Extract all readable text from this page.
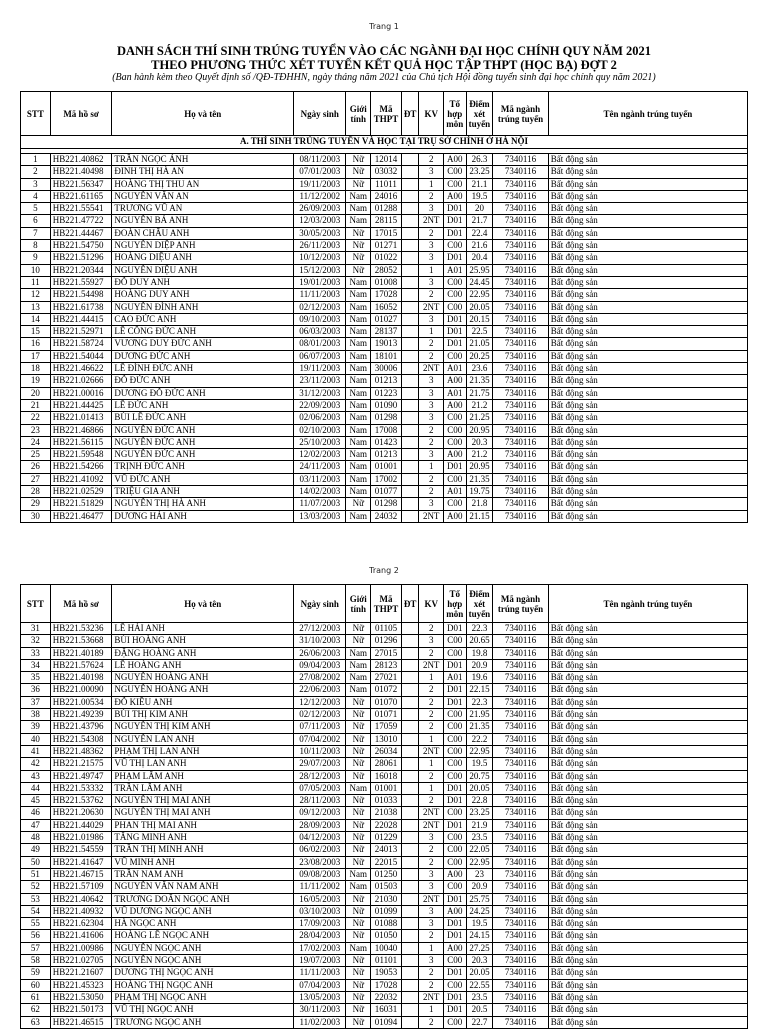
Trang 1
DANH SÁCH THÍ SINH TRÚNG TUYỂN VÀO CÁC NGÀNH ĐẠI HỌC CHÍNH QUY NĂM 2021
THEO PHƯƠNG THỨC XÉT TUYỂN KẾT QUẢ HỌC TẬP THPT (HỌC BẠ) ĐỢT 2
(Ban hành kèm theo Quyết định số /QĐ-TĐHHN, ngày tháng năm 2021 của Chủ tịch Hội đồng tuyển sinh đại học chính quy năm 2021)
STT	Mã hồ sơ	Họ và tên	Ngày sinh	Giới tính	Mã THPT	ĐT	KV	Tổ hợp môn	Điểm xét tuyển	Mã ngành trúng tuyển	Tên ngành trúng tuyển
A. THÍ SINH TRÚNG TUYỂN VÀ HỌC TẠI TRỤ SỞ CHÍNH Ở HÀ NỘI											

1	HB221.40862	TRẦN NGỌC ÁNH	08/11/2003	Nữ	12014		2	A00	26.3	7340116	Bất động sản
2	HB221.40498	ĐINH THỊ HÀ AN	07/01/2003	Nữ	03032		3	C00	23.25	7340116	Bất động sản
3	HB221.56347	HOÀNG THỊ THU AN	19/11/2003	Nữ	11011		1	C00	21.1	7340116	Bất động sản
4	HB221.61165	NGUYỄN VĂN AN	11/12/2002	Nam	24016		2	A00	19.5	7340116	Bất động sản
5	HB221.55541	TRƯƠNG VŨ AN	26/09/2003	Nam	01288		3	D01	20	7340116	Bất động sản
6	HB221.47722	NGUYỄN BÁ ANH	12/03/2003	Nam	28115		2NT	D01	21.7	7340116	Bất động sản
7	HB221.44467	ĐOÀN CHÂU ANH	30/05/2003	Nữ	17015		2	D01	22.4	7340116	Bất động sản
8	HB221.54750	NGUYỄN DIỆP ANH	26/11/2003	Nữ	01271		3	C00	21.6	7340116	Bất động sản
9	HB221.51296	HOÀNG DIỆU ANH	10/12/2003	Nữ	01022		3	D01	20.4	7340116	Bất động sản
10	HB221.20344	NGUYỄN DIỆU ANH	15/12/2003	Nữ	28052		1	A01	25.95	7340116	Bất động sản
11	HB221.55927	ĐỖ DUY ANH	19/01/2003	Nam	01008		3	C00	24.45	7340116	Bất động sản
12	HB221.54498	HOÀNG DUY ANH	11/11/2003	Nam	17028		2	C00	22.95	7340116	Bất động sản
13	HB221.61738	NGUYỄN ĐÌNH ANH	02/12/2003	Nam	16052		2NT	C00	20.05	7340116	Bất động sản
14	HB221.44415	CAO ĐỨC ANH	09/10/2003	Nam	01027		3	D01	20.15	7340116	Bất động sản
15	HB221.52971	LÊ CÔNG ĐỨC ANH	06/03/2003	Nam	28137		1	D01	22.5	7340116	Bất động sản
16	HB221.58724	VƯƠNG DUY ĐỨC ANH	08/01/2003	Nam	19013		2	D01	21.05	7340116	Bất động sản
17	HB221.54044	DƯƠNG ĐỨC ANH	06/07/2003	Nam	18101		2	C00	20.25	7340116	Bất động sản
18	HB221.46622	LÊ ĐÌNH ĐỨC ANH	19/11/2003	Nam	30006		2NT	A01	23.6	7340116	Bất động sản
19	HB221.02666	ĐỖ ĐỨC ANH	23/11/2003	Nam	01213		3	A00	21.35	7340116	Bất động sản
20	HB221.00016	DƯƠNG ĐỖ ĐỨC ANH	31/12/2003	Nam	01223		3	A01	21.75	7340116	Bất động sản
21	HB221.44425	LÊ ĐỨC ANH	22/09/2003	Nam	01090		3	A00	21.2	7340116	Bất động sản
22	HB221.01413	BÙI LÊ ĐỨC ANH	02/06/2003	Nam	01298		3	C00	21.25	7340116	Bất động sản
23	HB221.46866	NGUYỄN ĐỨC ANH	02/10/2003	Nam	17008		2	C00	20.95	7340116	Bất động sản
24	HB221.56115	NGUYỄN ĐỨC ANH	25/10/2003	Nam	01423		2	C00	20.3	7340116	Bất động sản
25	HB221.59548	NGUYỄN ĐỨC ANH	12/02/2003	Nam	01213		3	A00	21.2	7340116	Bất động sản
26	HB221.54266	TRỊNH ĐỨC ANH	24/11/2003	Nam	01001		1	D01	20.95	7340116	Bất động sản
27	HB221.41092	VŨ ĐỨC ANH	03/11/2003	Nam	17002		2	C00	21.35	7340116	Bất động sản
28	HB221.02529	TRIỆU GIA ANH	14/02/2003	Nam	01077		2	A01	19.75	7340116	Bất động sản
29	HB221.51829	NGUYỄN THỊ HÀ ANH	11/07/2003	Nữ	01298		3	C00	21.8	7340116	Bất động sản
30	HB221.46477	DƯƠNG HẢI ANH	13/03/2003	Nam	24032		2NT	A00	21.15	7340116	Bất động sản
Trang 2
STT	Mã hồ sơ	Họ và tên	Ngày sinh	Giới tính	Mã THPT	ĐT	KV	Tổ hợp môn	Điểm xét tuyển	Mã ngành trúng tuyển	Tên ngành trúng tuyển
31	HB221.53236	LÊ HẢI ANH	27/12/2003	Nữ	01105		2	D01	22.3	7340116	Bất động sản
32	HB221.53668	BÙI HOÀNG ANH	31/10/2003	Nữ	01296		3	C00	20.65	7340116	Bất động sản
33	HB221.40189	ĐẶNG HOÀNG ANH	26/06/2003	Nam	27015		2	C00	19.8	7340116	Bất động sản
34	HB221.57624	LÊ HOÀNG ANH	09/04/2003	Nam	28123		2NT	D01	20.9	7340116	Bất động sản
35	HB221.40198	NGUYỄN HOÀNG ANH	27/08/2002	Nam	27021		1	A01	19.6	7340116	Bất động sản
36	HB221.00090	NGUYỄN HOÀNG ANH	22/06/2003	Nam	01072		2	D01	22.15	7340116	Bất động sản
37	HB221.00534	ĐỖ KIỀU ANH	12/12/2003	Nữ	01070		2	D01	22.3	7340116	Bất động sản
38	HB221.49239	BÙI THỊ KIM ANH	02/12/2003	Nữ	01071		2	C00	21.95	7340116	Bất động sản
39	HB221.43796	NGUYỄN THỊ KIM ANH	07/11/2003	Nữ	17059		2	C00	21.35	7340116	Bất động sản
40	HB221.54308	NGUYỄN LAN ANH	07/04/2002	Nữ	13010		1	C00	22.2	7340116	Bất động sản
41	HB221.48362	PHẠM THỊ LAN ANH	10/11/2003	Nữ	26034		2NT	C00	22.95	7340116	Bất động sản
42	HB221.21575	VŨ THỊ LAN ANH	29/07/2003	Nữ	28061		1	C00	19.5	7340116	Bất động sản
43	HB221.49747	PHẠM LÂM ANH	28/12/2003	Nữ	16018		2	C00	20.75	7340116	Bất động sản
44	HB221.53332	TRẦN LÂM ANH	07/05/2003	Nam	01001		1	D01	20.05	7340116	Bất động sản
45	HB221.53762	NGUYỄN THỊ MAI ANH	28/11/2003	Nữ	01033		2	D01	22.8	7340116	Bất động sản
46	HB221.20630	NGUYỄN THỊ MAI ANH	09/12/2003	Nữ	21038		2NT	C00	23.25	7340116	Bất động sản
47	HB221.44029	PHAN THỊ MAI ANH	28/09/2003	Nữ	22028		2NT	D01	21.9	7340116	Bất động sản
48	HB221.01986	TĂNG MINH ANH	04/12/2003	Nữ	01229		3	C00	23.5	7340116	Bất động sản
49	HB221.54559	TRẦN THỊ MINH ANH	06/02/2003	Nữ	24013		2	C00	22.05	7340116	Bất động sản
50	HB221.41647	VŨ MINH ANH	23/08/2003	Nữ	22015		2	C00	22.95	7340116	Bất động sản
51	HB221.46715	TRẦN NAM ANH	09/08/2003	Nam	01250		3	A00	23	7340116	Bất động sản
52	HB221.57109	NGUYỄN VĂN NAM ANH	11/11/2002	Nam	01503		3	C00	20.9	7340116	Bất động sản
53	HB221.40642	TRƯƠNG DOÃN NGỌC ANH	16/05/2003	Nữ	21030		2NT	D01	25.75	7340116	Bất động sản
54	HB221.40932	VŨ DƯƠNG NGỌC ANH	03/10/2003	Nữ	01099		3	A00	24.25	7340116	Bất động sản
55	HB221.62304	HÀ NGỌC ANH	17/09/2003	Nữ	01088		3	D01	19.5	7340116	Bất động sản
56	HB221.41606	HOÀNG LÊ NGỌC ANH	28/04/2003	Nữ	01050		2	D01	24.15	7340116	Bất động sản
57	HB221.00986	NGUYỄN NGỌC ANH	17/02/2003	Nam	10040		1	A00	27.25	7340116	Bất động sản
58	HB221.02705	NGUYỄN NGỌC ANH	19/07/2003	Nữ	01101		3	C00	20.3	7340116	Bất động sản
59	HB221.21607	DƯƠNG THỊ NGỌC ANH	11/11/2003	Nữ	19053		2	D01	20.05	7340116	Bất động sản
60	HB221.45323	HOÀNG THỊ NGỌC ANH	07/04/2003	Nữ	17028		2	C00	22.55	7340116	Bất động sản
61	HB221.53050	PHẠM THỊ NGỌC ANH	13/05/2003	Nữ	22032		2NT	D01	23.5	7340116	Bất động sản
62	HB221.50173	VŨ THỊ NGỌC ANH	30/11/2003	Nữ	16031		1	D01	20.5	7340116	Bất động sản
63	HB221.46515	TRƯƠNG NGỌC ANH	11/02/2003	Nữ	01094		2	C00	22.7	7340116	Bất động sản
